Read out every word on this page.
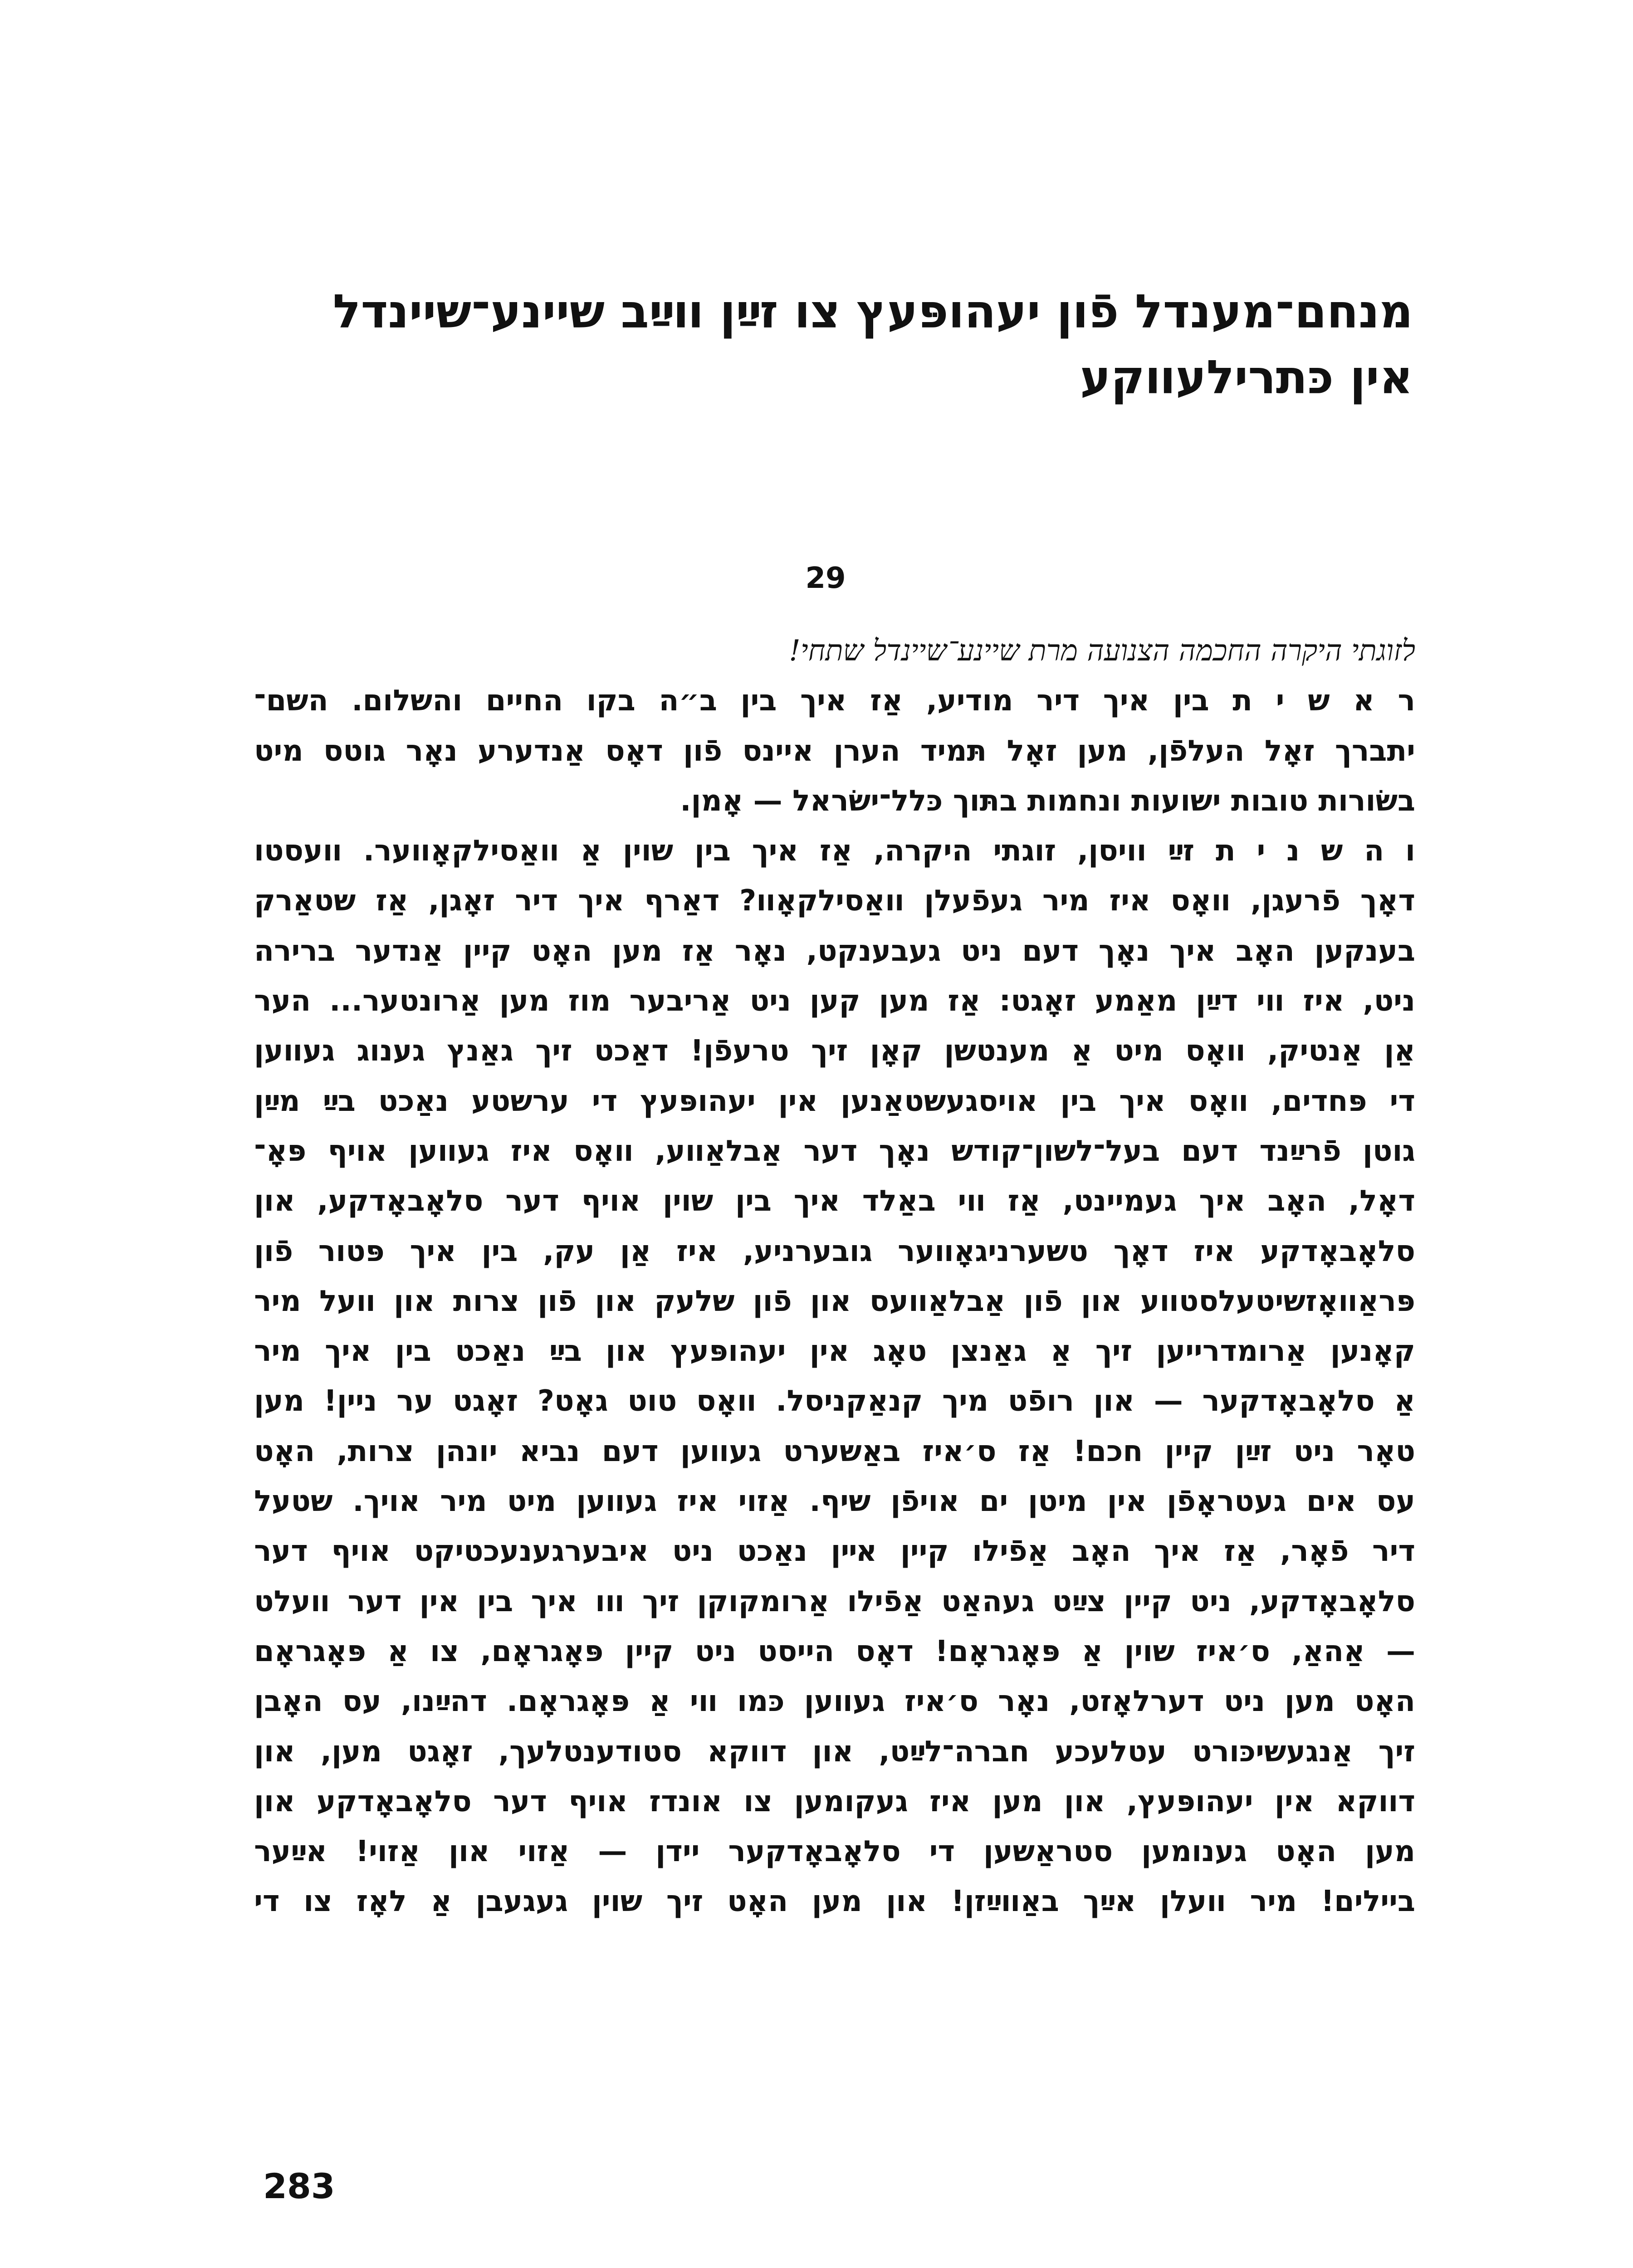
מנחם־מענדל פֿון יעהופּעץ צו זײַן װײַב שיינע־שיינדל
אין כּתרילעװקע
29
לזוגתי היקרה החכמה הצנועה מרת שיינע־שיינדל שתחי!
ר א ש י ת בין איך דיר מודיע, אַז איך בין ב״ה בקו החיים והשלום. השם־
יתברך זאָל העלפֿן, מען זאָל תּמיד הערן איינס פֿון דאָס אַנדערע נאָר גוטס מיט
בשׂורות טובות ישועות ונחמות בתּוך כּלל־ישׂראל — אָמן.
ו ה ש נ י ת זײַ וויסן, זוגתי היקרה, אַז איך בין שוין אַ װאַסילקאָװער. װעסטו
דאָך פֿרעגן, װאָס איז מיר געפֿעלן װאַסילקאָװ? דאַרף איך דיר זאָגן, אַז שטאַרק
בענקען האָב איך נאָך דעם ניט געבענקט, נאָר אַז מען האָט קיין אַנדער ברירה
ניט, איז װי דײַן מאַמע זאָגט: אַז מען קען ניט אַריבער מוז מען אַרונטער... הער
אַן אַנטיק, װאָס מיט אַ מענטשן קאָן זיך טרעפֿן! דאַכט זיך גאַנץ גענוג געװען
די פּחדים, װאָס איך בין אויסגעשטאַנען אין יעהופּעץ די ערשטע נאַכט בײַ מײַן
גוטן פֿרײַנד דעם בעל־לשון־קודש נאָך דער אַבלאַװע, װאָס איז געװען אויף פּאָ־
דאָל, האָב איך געמיינט, אַז װי באַלד איך בין שוין אויף דער סלאָבאָדקע, און
סלאָבאָדקע איז דאָך טשערניגאָװער גובערניע, איז אַן עק, בין איך פּטור פֿון
פּראַװאָזשיטעלסטװע און פֿון אַבלאַװעס און פֿון שלעק און פֿון צרות און װעל מיר
קאָנען אַרומדרייען זיך אַ גאַנצן טאָג אין יעהופּעץ און בײַ נאַכט בין איך מיר
אַ סלאָבאָדקער — און רופֿט מיך קנאַקניסל. װאָס טוט גאָט? זאָגט ער ניין! מען
טאָר ניט זײַן קיין חכם! אַז ס׳איז באַשערט געװען דעם נביא יונהן צרות, האָט
עס אים געטראָפֿן אין מיטן ים אויפֿן שיף. אַזוי איז געװען מיט מיר אויך. שטעל
דיר פֿאָר, אַז איך האָב אַפֿילו קיין אײן נאַכט ניט איבערגענעכטיקט אויף דער
סלאָבאָדקע, ניט קיין צײַט געהאַט אַפֿילו אַרומקוקן זיך װו איך בין אין דער װעלט
— אַהאַ, ס׳איז שוין אַ פּאָגראָם! דאָס הייסט ניט קיין פּאָגראָם, צו אַ פּאָגראָם
האָט מען ניט דערלאָזט, נאָר ס׳איז געװען כּמו װי אַ פּאָגראָם. דהײַנו, עס האָבן
זיך אַנגעשיכּורט עטלעכע חברה־לײַט, און דווקא סטודענטלעך, זאָגט מען, און
דווקא אין יעהופּעץ, און מען איז געקומען צו אונדז אויף דער סלאָבאָדקע און
מען האָט גענומען סטראַשען די סלאָבאָדקער יידן — אַזוי און אַזוי! אײַער
ביילים! מיר װעלן אײַך באַװײַזן! און מען האָט זיך שוין געגעבן אַ לאָז צו די
283
